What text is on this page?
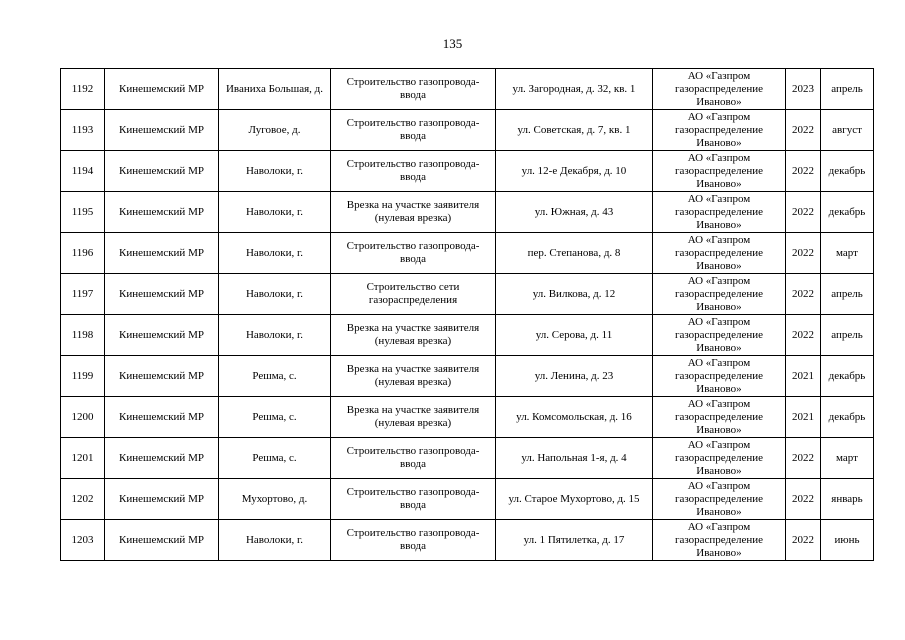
135
1192	Кинешемский МР	Иваниха Большая, д.	Строительство газопровода-ввода	ул. Загородная, д. 32, кв. 1	АО «Газпром газораспределение Иваново»	2023	апрель
1193	Кинешемский МР	Луговое, д.	Строительство газопровода-ввода	ул. Советская, д. 7, кв. 1	АО «Газпром газораспределение Иваново»	2022	август
1194	Кинешемский МР	Наволоки, г.	Строительство газопровода-ввода	ул. 12-е Декабря, д. 10	АО «Газпром газораспределение Иваново»	2022	декабрь
1195	Кинешемский МР	Наволоки, г.	Врезка на участке заявителя (нулевая врезка)	ул. Южная, д. 43	АО «Газпром газораспределение Иваново»	2022	декабрь
1196	Кинешемский МР	Наволоки, г.	Строительство газопровода-ввода	пер. Степанова, д. 8	АО «Газпром газораспределение Иваново»	2022	март
1197	Кинешемский МР	Наволоки, г.	Строительство сети газораспределения	ул. Вилкова, д. 12	АО «Газпром газораспределение Иваново»	2022	апрель
1198	Кинешемский МР	Наволоки, г.	Врезка на участке заявителя (нулевая врезка)	ул. Серова, д. 11	АО «Газпром газораспределение Иваново»	2022	апрель
1199	Кинешемский МР	Решма, с.	Врезка на участке заявителя (нулевая врезка)	ул. Ленина, д. 23	АО «Газпром газораспределение Иваново»	2021	декабрь
1200	Кинешемский МР	Решма, с.	Врезка на участке заявителя (нулевая врезка)	ул. Комсомольская, д. 16	АО «Газпром газораспределение Иваново»	2021	декабрь
1201	Кинешемский МР	Решма, с.	Строительство газопровода-ввода	ул. Напольная 1-я, д. 4	АО «Газпром газораспределение Иваново»	2022	март
1202	Кинешемский МР	Мухортово, д.	Строительство газопровода-ввода	ул. Старое Мухортово, д. 15	АО «Газпром газораспределение Иваново»	2022	январь
1203	Кинешемский МР	Наволоки, г.	Строительство газопровода-ввода	ул. 1 Пятилетка, д. 17	АО «Газпром газораспределение Иваново»	2022	июнь
